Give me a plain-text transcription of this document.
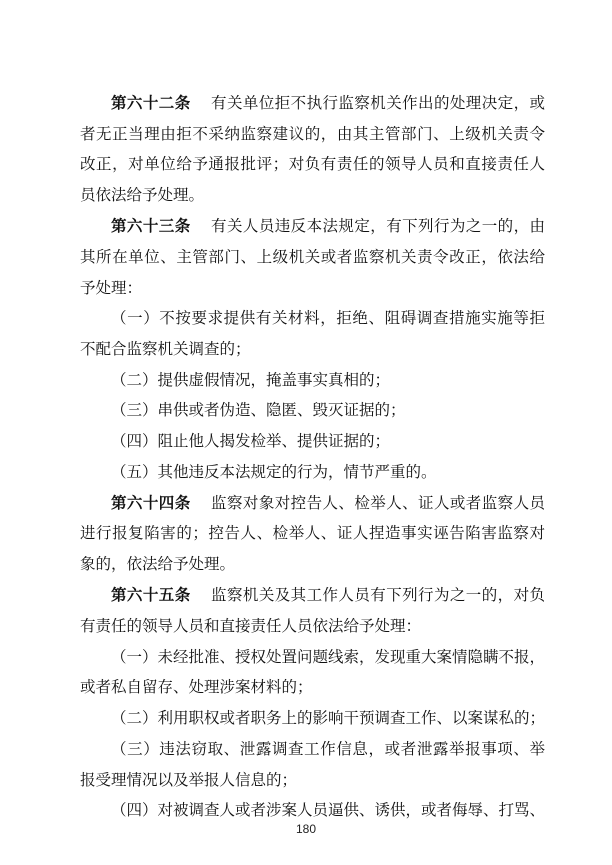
第六十二条 有关单位拒不执行监察机关作出的处理决定，或
者无正当理由拒不采纳监察建议的，由其主管部门、上级机关责令
改正，对单位给予通报批评；对负有责任的领导人员和直接责任人
员依法给予处理。
第六十三条 有关人员违反本法规定，有下列行为之一的，由
其所在单位、主管部门、上级机关或者监察机关责令改正，依法给
予处理：
（一）不按要求提供有关材料，拒绝、阻碍调查措施实施等拒
不配合监察机关调查的；
（二）提供虚假情况，掩盖事实真相的；
（三）串供或者伪造、隐匿、毁灭证据的；
（四）阻止他人揭发检举、提供证据的；
（五）其他违反本法规定的行为，情节严重的。
第六十四条 监察对象对控告人、检举人、证人或者监察人员
进行报复陷害的；控告人、检举人、证人捏造事实诬告陷害监察对
象的，依法给予处理。
第六十五条 监察机关及其工作人员有下列行为之一的，对负
有责任的领导人员和直接责任人员依法给予处理：
（一）未经批准、授权处置问题线索，发现重大案情隐瞒不报，
或者私自留存、处理涉案材料的；
（二）利用职权或者职务上的影响干预调查工作、以案谋私的；
（三）违法窃取、泄露调查工作信息，或者泄露举报事项、举
报受理情况以及举报人信息的；
（四）对被调查人或者涉案人员逼供、诱供，或者侮辱、打骂、
180
